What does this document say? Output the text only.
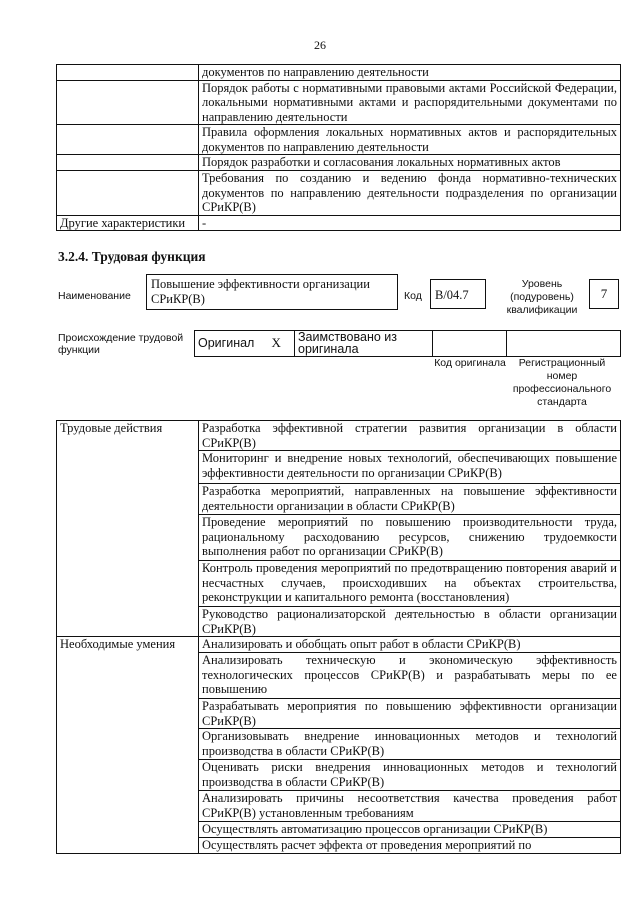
26
	документов по направлению деятельности
	Порядок работы с нормативными правовыми актами Российской Федерации, локальными нормативными актами и распорядительными документами по направлению деятельности
	Правила оформления локальных нормативных актов и распорядительных документов по направлению деятельности
	Порядок разработки и согласования локальных нормативных актов
	Требования по созданию и ведению фонда нормативно-технических документов по направлению деятельности подразделения по организации СРиКР(В)
Другие характеристики	-
3.2.4. Трудовая функция
Наименование
Повышение эффективности организации СРиКР(В)	Код	В/04.7
Уровень (подуровень) квалификации
7
Происхождение трудовой функции	Оригинал	X	Заимствовано из оригинала		
Код оригинала	Регистрационный номер профессионального стандарта
Трудовые действия	Разработка эффективной стратегии развития организации в области СРиКР(В)
	Мониторинг и внедрение новых технологий, обеспечивающих повышение эффективности деятельности по организации СРиКР(В)
	Разработка мероприятий, направленных на повышение эффективности деятельности организации в области СРиКР(В)
	Проведение мероприятий по повышению производительности труда, рациональному расходованию ресурсов, снижению трудоемкости выполнения работ по организации СРиКР(В)
	Контроль проведения мероприятий по предотвращению повторения аварий и несчастных случаев, происходивших на объектах строительства, реконструкции и капитального ремонта (восстановления)
	Руководство рационализаторской деятельностью в области организации СРиКР(В)
Необходимые умения	Анализировать и обобщать опыт работ в области СРиКР(В)
	Анализировать техническую и экономическую эффективность технологических процессов СРиКР(В) и разрабатывать меры по ее повышению
	Разрабатывать мероприятия по повышению эффективности организации СРиКР(В)
	Организовывать внедрение инновационных методов и технологий производства в области СРиКР(В)
	Оценивать риски внедрения инновационных методов и технологий производства в области СРиКР(В)
	Анализировать причины несоответствия качества проведения работ СРиКР(В) установленным требованиям
	Осуществлять автоматизацию процессов организации СРиКР(В)
	Осуществлять расчет эффекта от проведения мероприятий по
